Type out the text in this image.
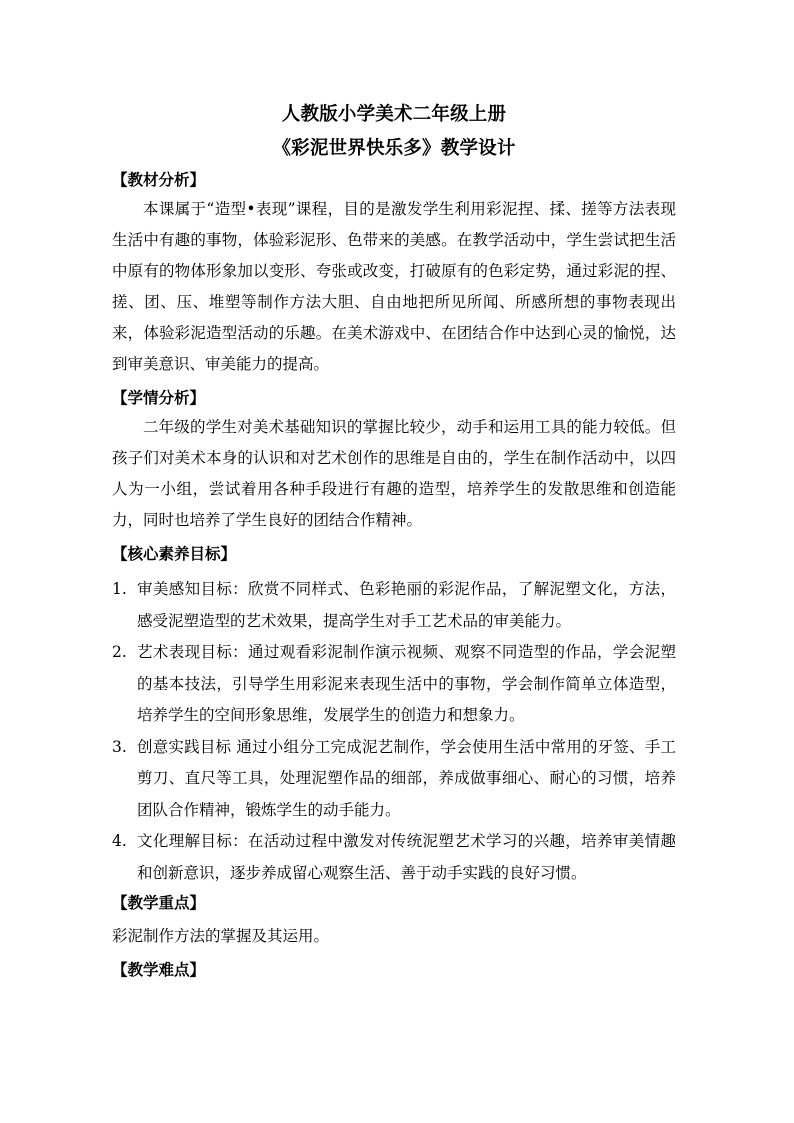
人教版小学美术二年级上册
《彩泥世界快乐多》教学设计
【教材分析】

本课属于“造型•表现”课程，目的是激发学生利用彩泥捏、揉、搓等方法表现生活中有趣的事物，体验彩泥形、色带来的美感。在教学活动中，学生尝试把生活中原有的物体形象加以变形、夸张或改变，打破原有的色彩定势，通过彩泥的捏、搓、团、压、堆塑等制作方法大胆、自由地把所见所闻、所感所想的事物表现出来，体验彩泥造型活动的乐趣。在美术游戏中、在团结合作中达到心灵的愉悦，达到审美意识、审美能力的提高。

【学情分析】

二年级的学生对美术基础知识的掌握比较少，动手和运用工具的能力较低。但孩子们对美术本身的认识和对艺术创作的思维是自由的，学生在制作活动中，以四人为一小组，尝试着用各种手段进行有趣的造型，培养学生的发散思维和创造能力，同时也培养了学生良好的团结合作精神。

【核心素养目标】
1. 审美感知目标：欣赏不同样式、色彩艳丽的彩泥作品，了解泥塑文化，方法，感受泥塑造型的艺术效果，提高学生对手工艺术品的审美能力。
2. 艺术表现目标：通过观看彩泥制作演示视频、观察不同造型的作品，学会泥塑的基本技法，引导学生用彩泥来表现生活中的事物，学会制作简单立体造型，培养学生的空间形象思维，发展学生的创造力和想象力。
3. 创意实践目标 通过小组分工完成泥艺制作，学会使用生活中常用的牙签、手工剪刀、直尺等工具，处理泥塑作品的细部，养成做事细心、耐心的习惯，培养团队合作精神，锻炼学生的动手能力。
4. 文化理解目标：在活动过程中激发对传统泥塑艺术学习的兴趣，培养审美情趣和创新意识，逐步养成留心观察生活、善于动手实践的良好习惯。
【教学重点】

彩泥制作方法的掌握及其运用。

【教学难点】
